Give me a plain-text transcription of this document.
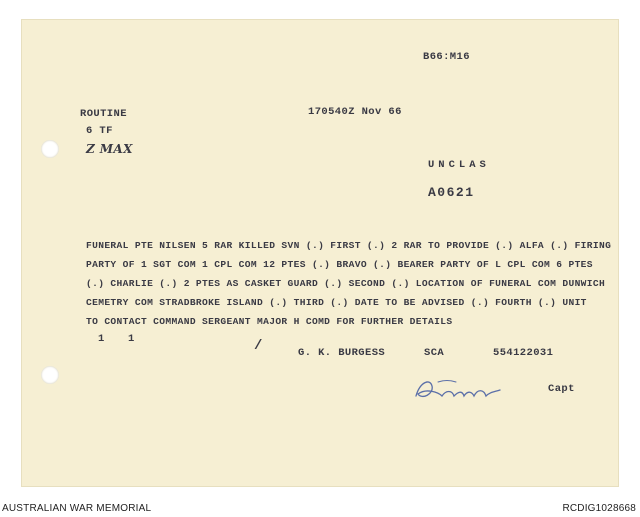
B66:M16
ROUTINE	170540Z Nov 66
6 TF
Z MAX
UNCLAS
A0621
FUNERAL PTE NILSEN 5 RAR KILLED SVN (.) FIRST (.) 2 RAR TO PROVIDE (.) ALFA (.) FIRING
PARTY OF 1 SGT COM 1 CPL COM 12 PTES (.) BRAVO (.) BEARER PARTY OF L CPL COM 6 PTES
(.) CHARLIE (.) 2 PTES AS CASKET GUARD (.) SECOND (.) LOCATION OF FUNERAL COM DUNWICH
CEMETRY COM STRADBROKE ISLAND (.) THIRD (.) DATE TO BE ADVISED (.) FOURTH (.) UNIT
TO CONTACT COMMAND SERGEANT MAJOR H COMD FOR FURTHER DETAILS
1 1	/	G. K. BURGESS	SCA	554122031
Capt
AUSTRALIAN WAR MEMORIAL	RCDIG1028668
